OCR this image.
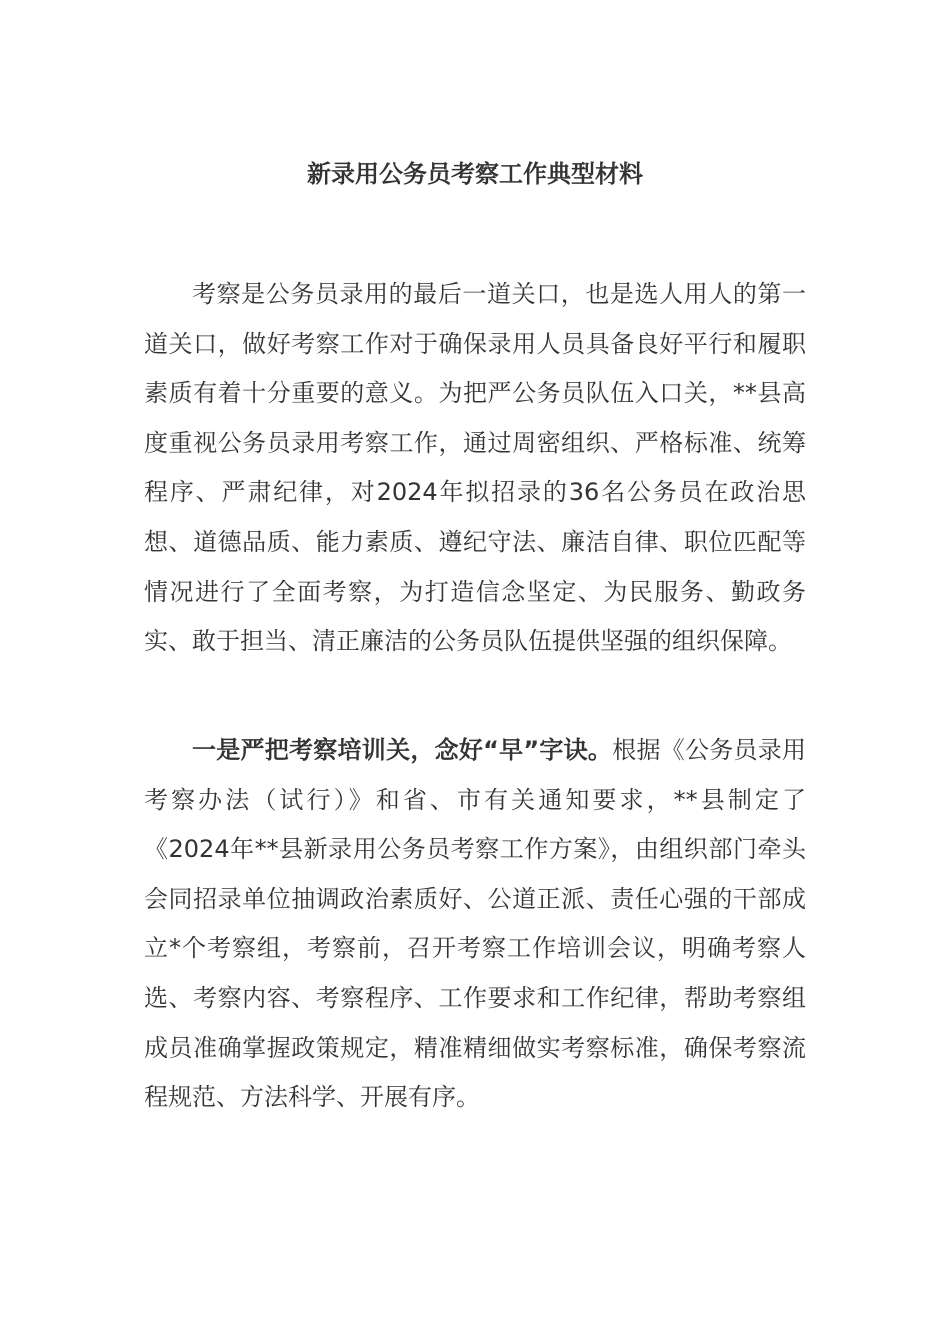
新录用公务员考察工作典型材料

考察是公务员录用的最后一道关口，也是选人用人的第一道关口，做好考察工作对于确保录用人员具备良好平行和履职素质有着十分重要的意义。为把严公务员队伍入口关，**县高度重视公务员录用考察工作，通过周密组织、严格标准、统筹程序、严肃纪律，对2024年拟招录的36名公务员在政治思想、道德品质、能力素质、遵纪守法、廉洁自律、职位匹配等情况进行了全面考察，为打造信念坚定、为民服务、勤政务实、敢于担当、清正廉洁的公务员队伍提供坚强的组织保障。

一是严把考察培训关，念好“早”字诀。根据《公务员录用考察办法（试行）》和省、市有关通知要求，**县制定了《2024年**县新录用公务员考察工作方案》，由组织部门牵头会同招录单位抽调政治素质好、公道正派、责任心强的干部成立*个考察组，考察前，召开考察工作培训会议，明确考察人选、考察内容、考察程序、工作要求和工作纪律，帮助考察组成员准确掌握政策规定，精准精细做实考察标准，确保考察流程规范、方法科学、开展有序。
